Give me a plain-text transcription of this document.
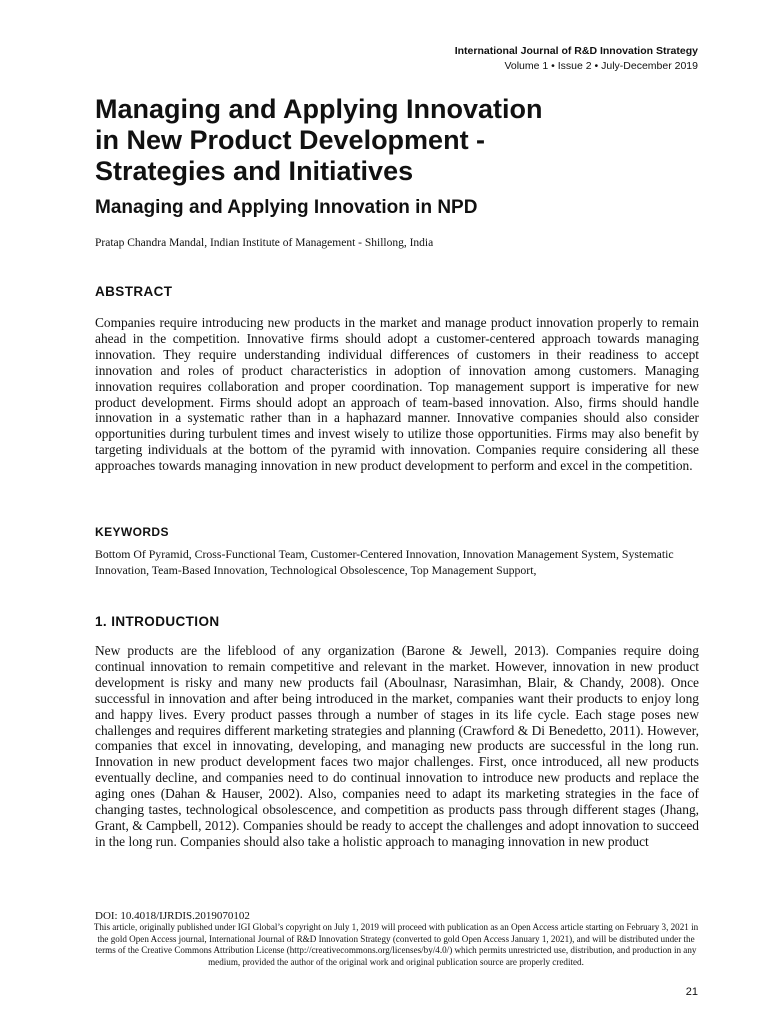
International Journal of R&D Innovation Strategy
Volume 1 • Issue 2 • July-December 2019
Managing and Applying Innovation
in New Product Development -
Strategies and Initiatives
Managing and Applying Innovation in NPD
Pratap Chandra Mandal, Indian Institute of Management - Shillong, India
ABSTRACT

Companies require introducing new products in the market and manage product innovation properly to remain ahead in the competition. Innovative firms should adopt a customer-centered approach towards managing innovation. They require understanding individual differences of customers in their readiness to accept innovation and roles of product characteristics in adoption of innovation among customers. Managing innovation requires collaboration and proper coordination. Top management support is imperative for new product development. Firms should adopt an approach of team-based innovation. Also, firms should handle innovation in a systematic rather than in a haphazard manner. Innovative companies should also consider opportunities during turbulent times and invest wisely to utilize those opportunities. Firms may also benefit by targeting individuals at the bottom of the pyramid with innovation. Companies require considering all these approaches towards managing innovation in new product development to perform and excel in the competition.

KEYWORDS

Bottom Of Pyramid, Cross-Functional Team, Customer-Centered Innovation, Innovation Management System, Systematic Innovation, Team-Based Innovation, Technological Obsolescence, Top Management Support,

1. INTRODUCTION

New products are the lifeblood of any organization (Barone & Jewell, 2013). Companies require doing continual innovation to remain competitive and relevant in the market. However, innovation in new product development is risky and many new products fail (Aboulnasr, Narasimhan, Blair, & Chandy, 2008). Once successful in innovation and after being introduced in the market, companies want their products to enjoy long and happy lives. Every product passes through a number of stages in its life cycle. Each stage poses new challenges and requires different marketing strategies and planning (Crawford & Di Benedetto, 2011). However, companies that excel in innovating, developing, and managing new products are successful in the long run. Innovation in new product development faces two major challenges. First, once introduced, all new products eventually decline, and companies need to do continual innovation to introduce new products and replace the aging ones (Dahan & Hauser, 2002). Also, companies need to adapt its marketing strategies in the face of changing tastes, technological obsolescence, and competition as products pass through different stages (Jhang, Grant, & Campbell, 2012). Companies should be ready to accept the challenges and adopt innovation to succeed in the long run. Companies should also take a holistic approach to managing innovation in new product

DOI: 10.4018/IJRDIS.2019070102

This article, originally published under IGI Global’s copyright on July 1, 2019 will proceed with publication as an Open Access article starting on February 3, 2021 in the gold Open Access journal, International Journal of R&D Innovation Strategy (converted to gold Open Access January 1, 2021), and will be distributed under the terms of the Creative Commons Attribution License (http://creativecommons.org/licenses/by/4.0/) which permits unrestricted use, distribution, and production in any medium, provided the author of the original work and original publication source are properly credited.

21
